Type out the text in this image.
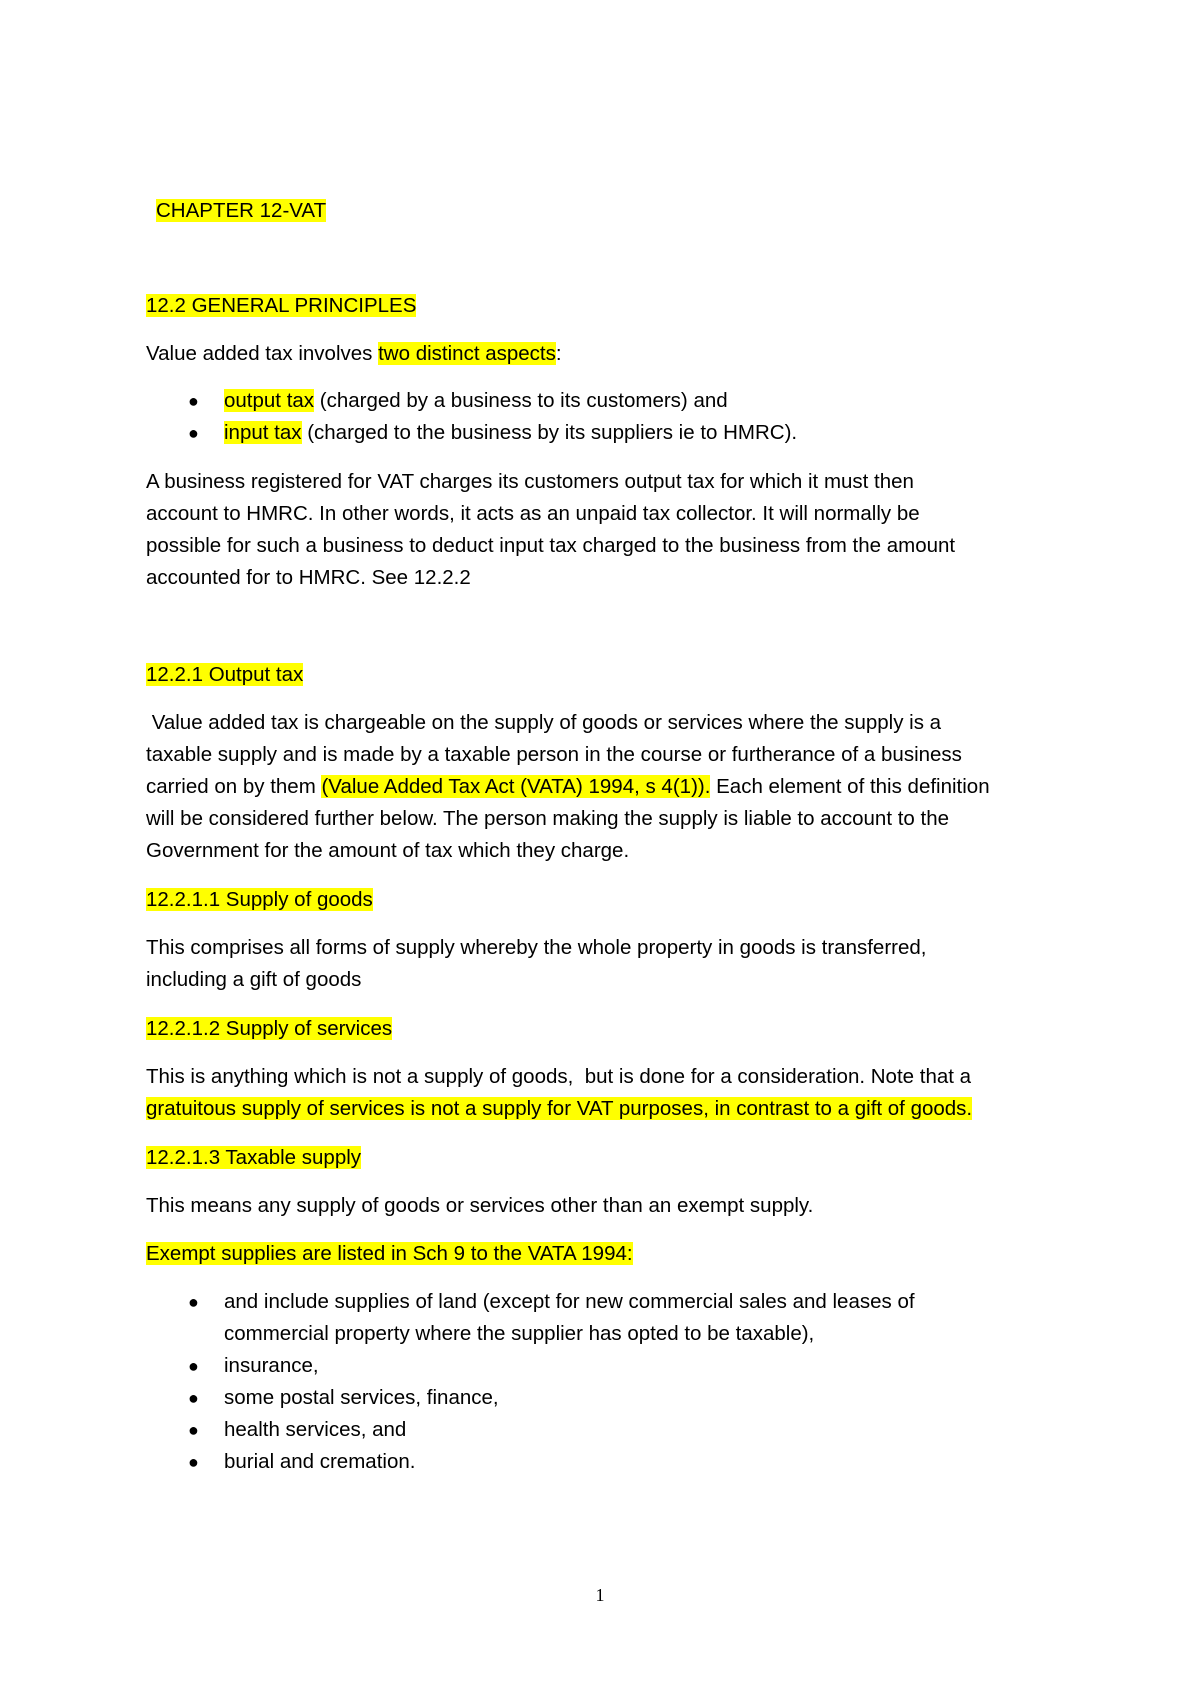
CHAPTER 12-VAT
12.2 GENERAL PRINCIPLES
Value added tax involves two distinct aspects:
● output tax (charged by a business to its customers) and
● input tax (charged to the business by its suppliers ie to HMRC).
A business registered for VAT charges its customers output tax for which it must then
account to HMRC. In other words, it acts as an unpaid tax collector. It will normally be
possible for such a business to deduct input tax charged to the business from the amount
accounted for to HMRC. See 12.2.2
12.2.1 Output tax
Value added tax is chargeable on the supply of goods or services where the supply is a
taxable supply and is made by a taxable person in the course or furtherance of a business
carried on by them (Value Added Tax Act (VATA) 1994, s 4(1)). Each element of this definition
will be considered further below. The person making the supply is liable to account to the
Government for the amount of tax which they charge.
12.2.1.1 Supply of goods
This comprises all forms of supply whereby the whole property in goods is transferred,
including a gift of goods
12.2.1.2 Supply of services
This is anything which is not a supply of goods,  but is done for a consideration. Note that a
gratuitous supply of services is not a supply for VAT purposes, in contrast to a gift of goods.
12.2.1.3 Taxable supply
This means any supply of goods or services other than an exempt supply.
Exempt supplies are listed in Sch 9 to the VATA 1994:
● and include supplies of land (except for new commercial sales and leases of
commercial property where the supplier has opted to be taxable),
● insurance,
● some postal services, finance,
● health services, and
● burial and cremation.
1
